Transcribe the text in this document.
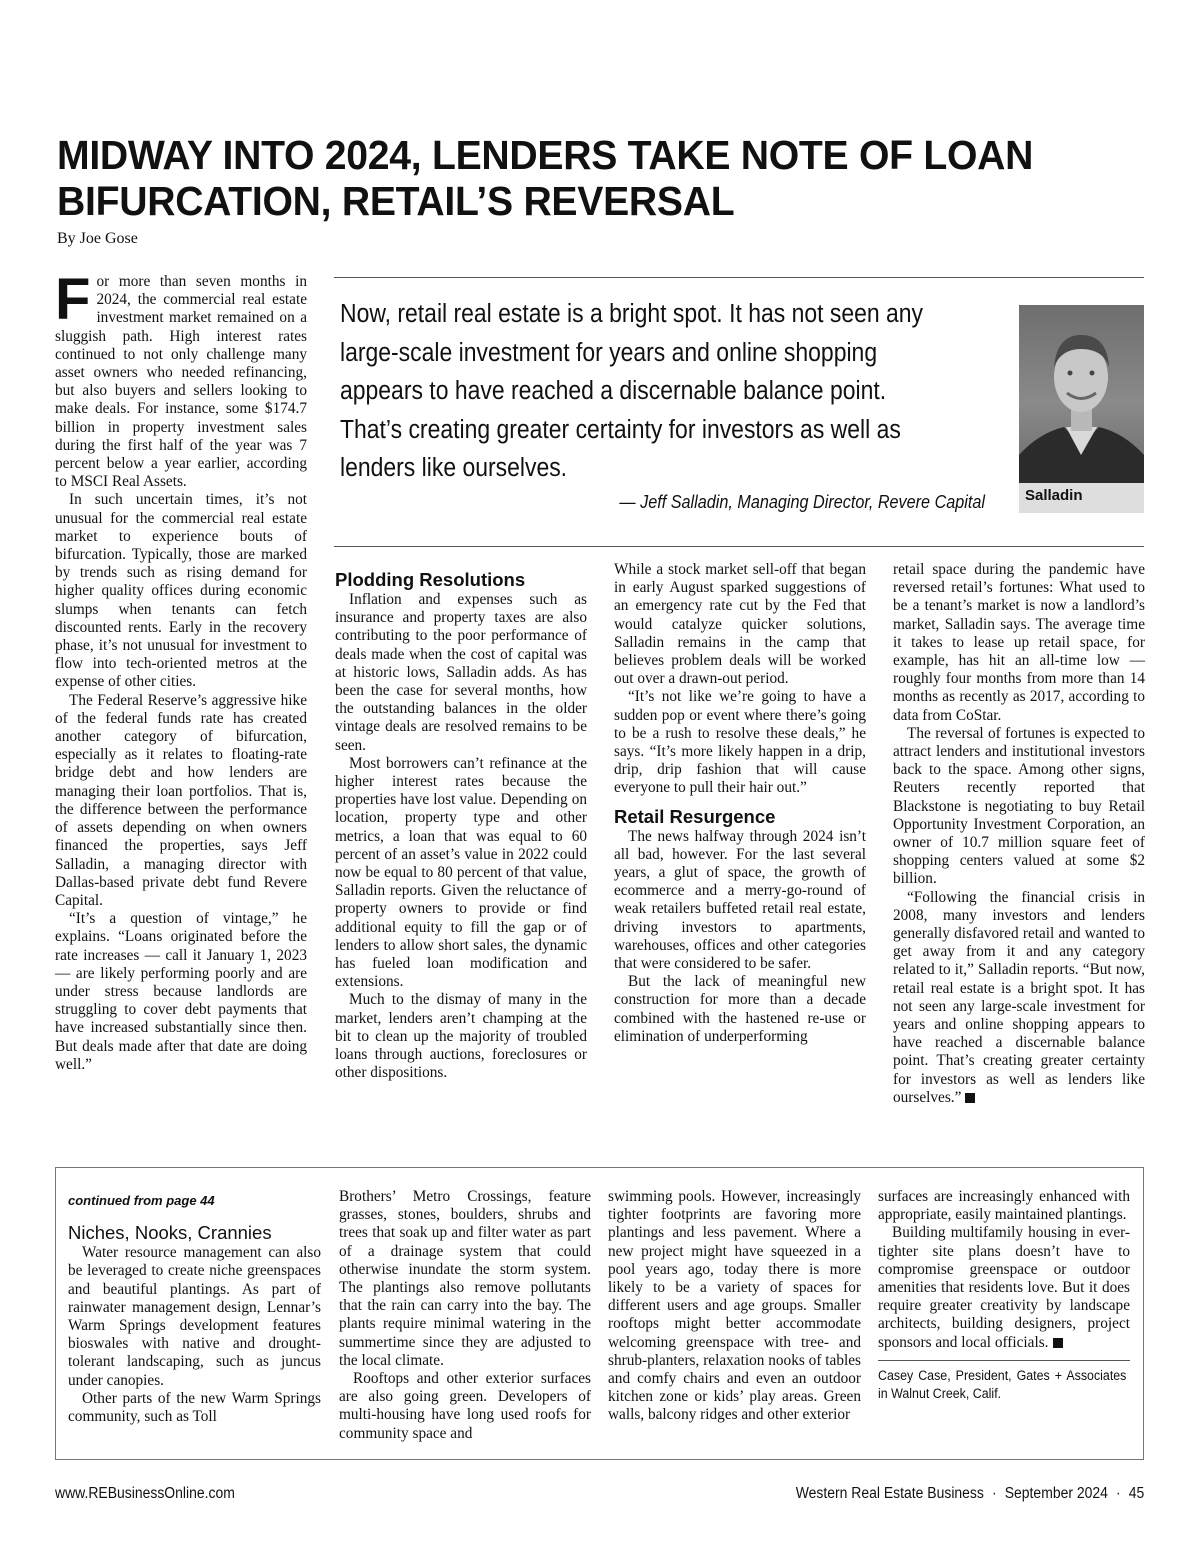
MIDWAY INTO 2024, LENDERS TAKE NOTE OF LOAN BIFURCATION, RETAIL’S REVERSAL
By Joe Gose

For more than seven months in 2024, the commercial real estate investment market remained on a sluggish path. High interest rates continued to not only challenge many asset owners who needed refinancing, but also buyers and sellers looking to make deals. For instance, some $174.7 billion in property investment sales during the first half of the year was 7 percent below a year earlier, according to MSCI Real Assets.

In such uncertain times, it’s not unusual for the commercial real estate market to experience bouts of bifurcation. Typically, those are marked by trends such as rising demand for higher quality offices during economic slumps when tenants can fetch discounted rents. Early in the recovery phase, it’s not unusual for investment to flow into tech-oriented metros at the expense of other cities.

The Federal Reserve’s aggressive hike of the federal funds rate has created another category of bifurcation, especially as it relates to floating-rate bridge debt and how lenders are managing their loan portfolios. That is, the difference between the performance of assets depending on when owners financed the properties, says Jeff Salladin, a managing director with Dallas-based private debt fund Revere Capital.

“It’s a question of vintage,” he explains. “Loans originated before the rate increases — call it January 1, 2023 — are likely performing poorly and are under stress because landlords are struggling to cover debt payments that have increased substantially since then. But deals made after that date are doing well.”

Now, retail real estate is a bright spot. It has not seen any large-scale investment for years and online shopping appears to have reached a discernable balance point. That’s creating greater certainty for investors as well as lenders like ourselves.

— Jeff Salladin, Managing Director, Revere Capital	Salladin
Plodding Resolutions

Inflation and expenses such as insurance and property taxes are also contributing to the poor performance of deals made when the cost of capital was at historic lows, Salladin adds. As has been the case for several months, how the outstanding balances in the older vintage deals are resolved remains to be seen.

Most borrowers can’t refinance at the higher interest rates because the properties have lost value. Depending on location, property type and other metrics, a loan that was equal to 60 percent of an asset’s value in 2022 could now be equal to 80 percent of that value, Salladin reports. Given the reluctance of property owners to provide or find additional equity to fill the gap or of lenders to allow short sales, the dynamic has fueled loan modification and extensions.

Much to the dismay of many in the market, lenders aren’t champing at the bit to clean up the majority of troubled loans through auctions, foreclosures or other dispositions.

While a stock market sell-off that began in early August sparked suggestions of an emergency rate cut by the Fed that would catalyze quicker solutions, Salladin remains in the camp that believes problem deals will be worked out over a drawn-out period.

“It’s not like we’re going to have a sudden pop or event where there’s going to be a rush to resolve these deals,” he says. “It’s more likely happen in a drip, drip, drip fashion that will cause everyone to pull their hair out.”

Retail Resurgence

The news halfway through 2024 isn’t all bad, however. For the last several years, a glut of space, the growth of ecommerce and a merry-go-round of weak retailers buffeted retail real estate, driving investors to apartments, warehouses, offices and other categories that were considered to be safer.

But the lack of meaningful new construction for more than a decade combined with the hastened re-use or elimination of underperforming

retail space during the pandemic have reversed retail’s fortunes: What used to be a tenant’s market is now a landlord’s market, Salladin says. The average time it takes to lease up retail space, for example, has hit an all-time low — roughly four months from more than 14 months as recently as 2017, according to data from CoStar.

The reversal of fortunes is expected to attract lenders and institutional investors back to the space. Among other signs, Reuters recently reported that Blackstone is negotiating to buy Retail Opportunity Investment Corporation, an owner of 10.7 million square feet of shopping centers valued at some $2 billion.

“Following the financial crisis in 2008, many investors and lenders generally disfavored retail and wanted to get away from it and any category related to it,” Salladin reports. “But now, retail real estate is a bright spot. It has not seen any large-scale investment for years and online shopping appears to have reached a discernable balance point. That’s creating greater certainty for investors as well as lenders like ourselves.”

continued from page 44
Niches, Nooks, Crannies

Water resource management can also be leveraged to create niche greenspaces and beautiful plantings. As part of rainwater management design, Lennar’s Warm Springs development features bioswales with native and drought-tolerant landscaping, such as juncus under canopies.

Other parts of the new Warm Springs community, such as Toll

Brothers’ Metro Crossings, feature grasses, stones, boulders, shrubs and trees that soak up and filter water as part of a drainage system that could otherwise inundate the storm system. The plantings also remove pollutants that the rain can carry into the bay. The plants require minimal watering in the summertime since they are adjusted to the local climate.

Rooftops and other exterior surfaces are also going green. Developers of multi-housing have long used roofs for community space and

swimming pools. However, increasingly tighter footprints are favoring more plantings and less pavement. Where a new project might have squeezed in a pool years ago, today there is more likely to be a variety of spaces for different users and age groups. Smaller rooftops might better accommodate welcoming greenspace with tree- and shrub-planters, relaxation nooks of tables and comfy chairs and even an outdoor kitchen zone or kids’ play areas. Green walls, balcony ridges and other exterior

surfaces are increasingly enhanced with appropriate, easily maintained plantings.

Building multifamily housing in ever-tighter site plans doesn’t have to compromise greenspace or outdoor amenities that residents love. But it does require greater creativity by landscape architects, building designers, project sponsors and local officials.

Casey Case, President, Gates + Associates in Walnut Creek, Calif.
www.REBusinessOnline.com	Western Real Estate Business · September 2024 · 45
